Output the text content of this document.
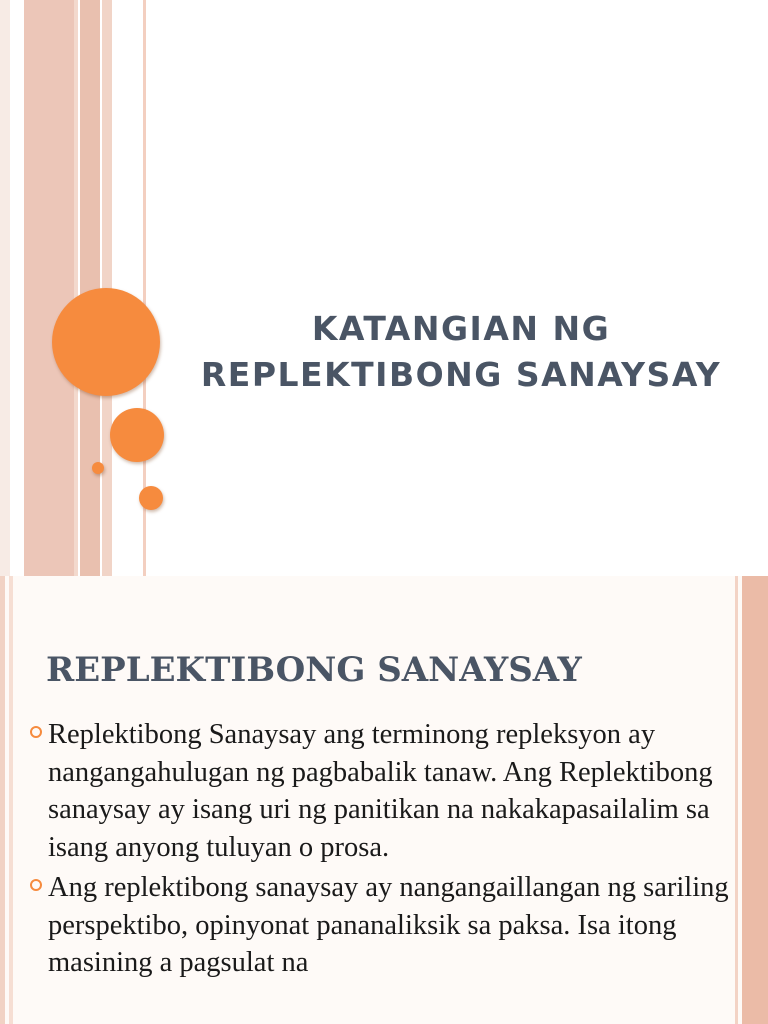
KATANGIAN NG
REPLEKTIBONG SANAYSAY
REPLEKTIBONG SANAYSAY
Replektibong Sanaysay ang terminong repleksyon ay nangangahulugan ng pagbabalik tanaw. Ang Replektibong sanaysay ay isang uri ng panitikan na nakakapasailalim sa isang anyong tuluyan o prosa.
Ang replektibong sanaysay ay nangangaillangan ng sariling perspektibo, opinyonat pananaliksik sa paksa. Isa itong masining a pagsulat na
